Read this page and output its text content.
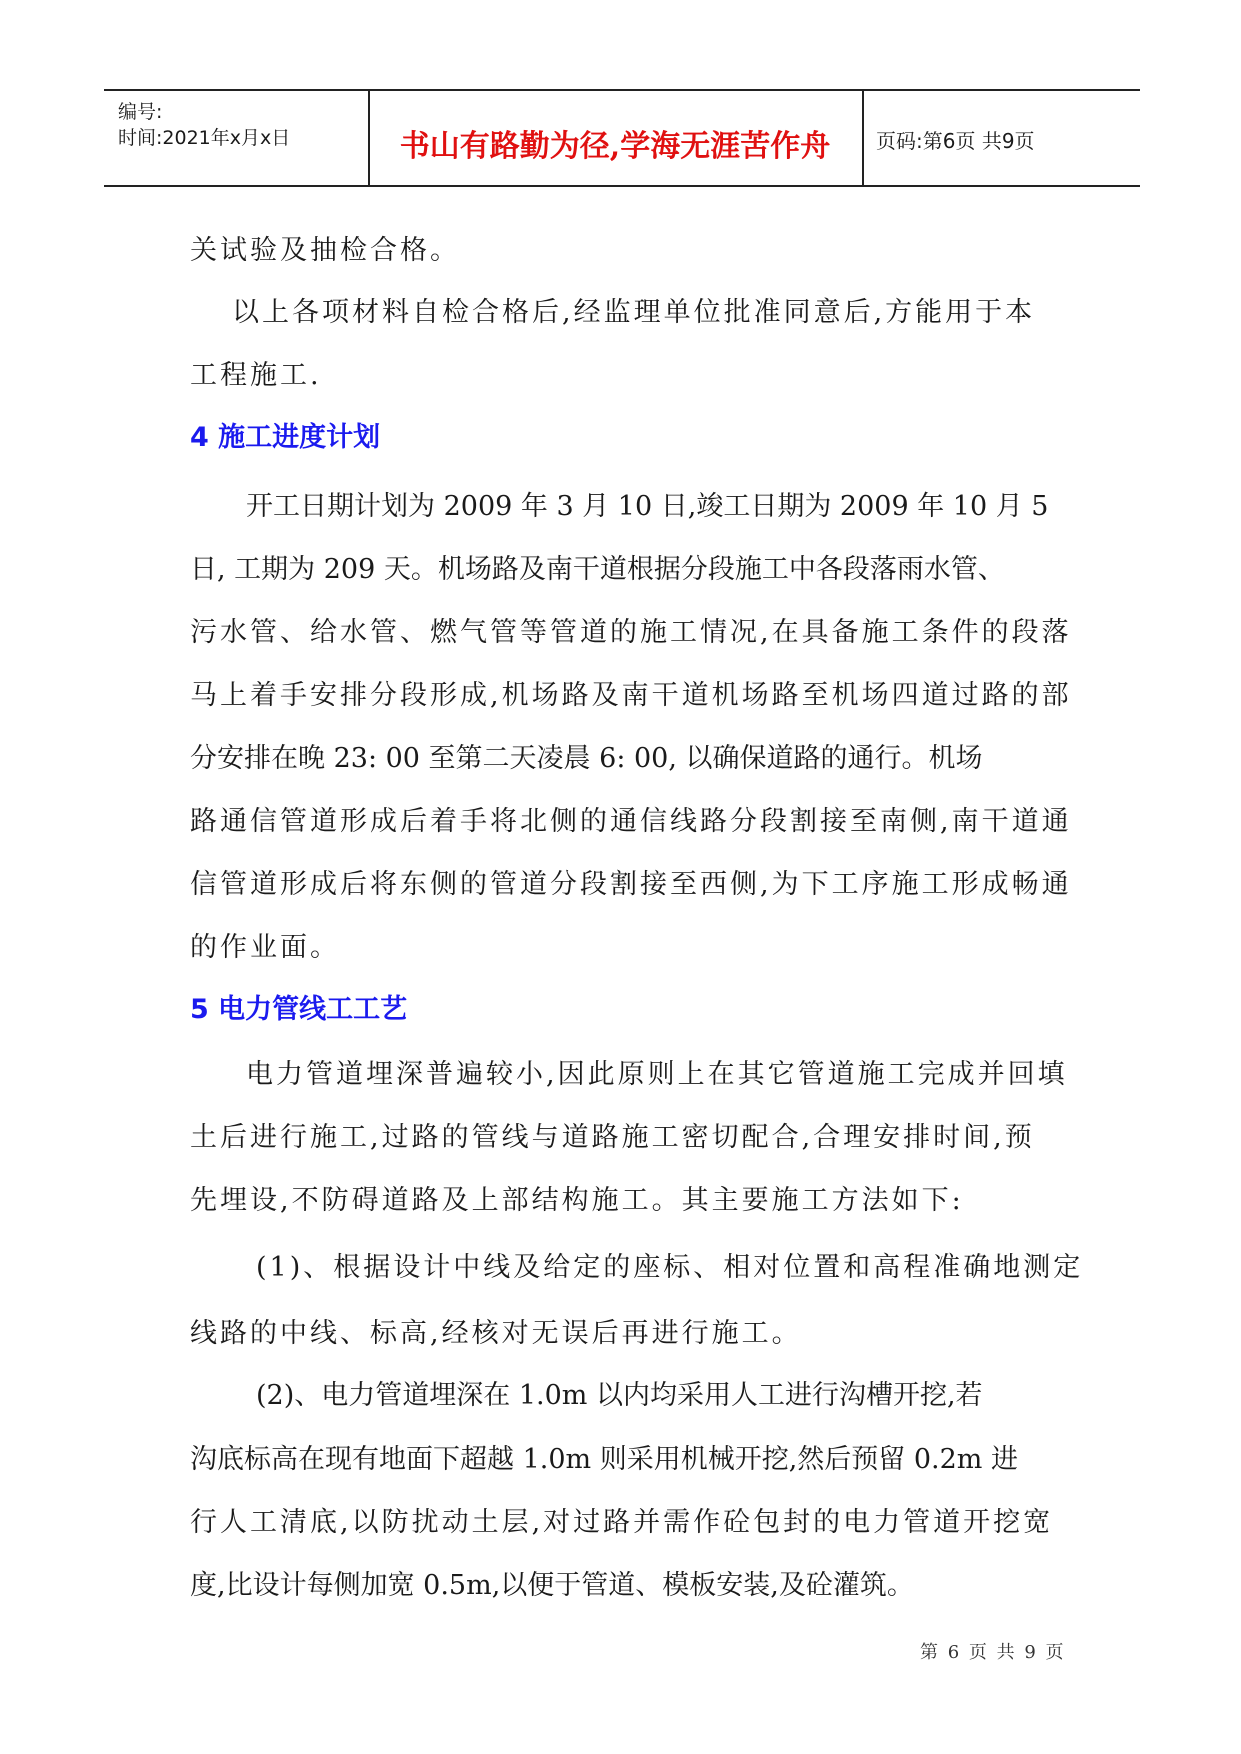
编号:
时间:2021年x月x日	书山有路勤为径,学海无涯苦作舟	页码:第6页 共9页
关试验及抽检合格。
以上各项材料自检合格后,经监理单位批准同意后,方能用于本
工程施工.
4 施工进度计划
开工日期计划为 2009 年 3 月 10 日,竣工日期为 2009 年 10 月 5
日, 工期为 209 天。机场路及南干道根据分段施工中各段落雨水管、
污水管、给水管、燃气管等管道的施工情况,在具备施工条件的段落
马上着手安排分段形成,机场路及南干道机场路至机场四道过路的部
分安排在晚 23: 00 至第二天凌晨 6: 00, 以确保道路的通行。机场
路通信管道形成后着手将北侧的通信线路分段割接至南侧,南干道通
信管道形成后将东侧的管道分段割接至西侧,为下工序施工形成畅通
的作业面。
5 电力管线工工艺
电力管道埋深普遍较小,因此原则上在其它管道施工完成并回填
土后进行施工,过路的管线与道路施工密切配合,合理安排时间,预
先埋设,不防碍道路及上部结构施工。其主要施工方法如下:
(1)、根据设计中线及给定的座标、相对位置和高程准确地测定
线路的中线、标高,经核对无误后再进行施工。
(2)、电力管道埋深在 1.0m 以内均采用人工进行沟槽开挖,若
沟底标高在现有地面下超越 1.0m 则采用机械开挖,然后预留 0.2m 进
行人工清底,以防扰动土层,对过路并需作砼包封的电力管道开挖宽
度,比设计每侧加宽 0.5m,以便于管道、模板安装,及砼灌筑。
第 6 页 共 9 页
